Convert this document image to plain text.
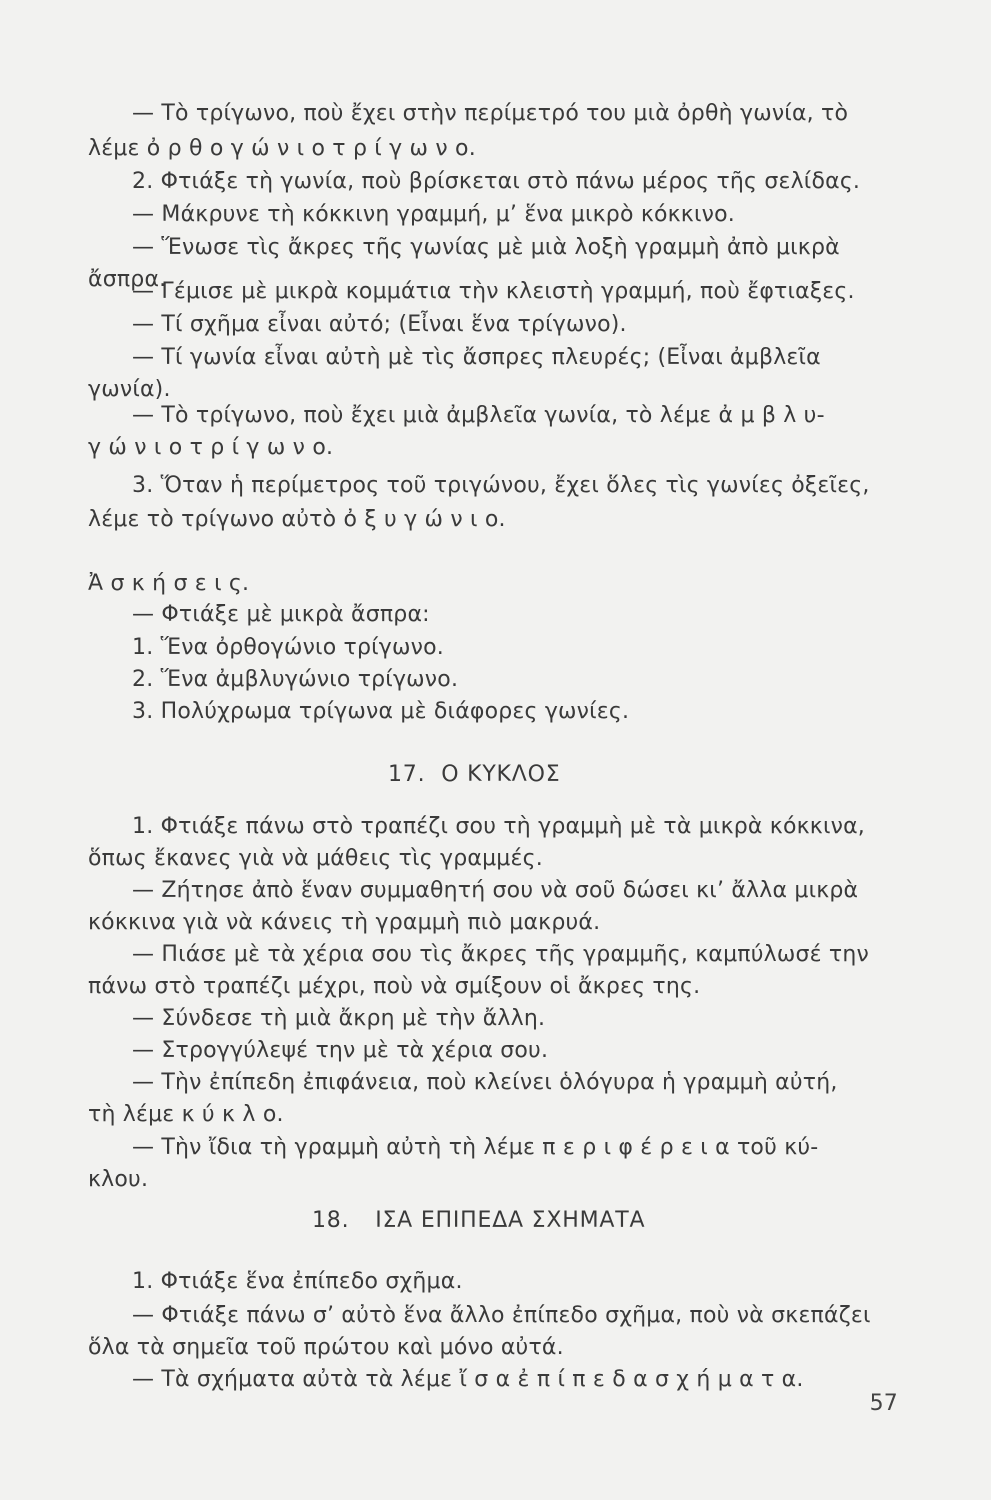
— Τὸ τρίγωνο, ποὺ ἔχει στὴν περίμετρό του μιὰ ὀρθὴ γωνία, τὸ
λέμε ὀ ρ θ ο γ ώ ν ι ο τ ρ ί γ ω ν ο.
2. Φτιάξε τὴ γωνία, ποὺ βρίσκεται στὸ πάνω μέρος τῆς σελίδας.
— Μάκρυνε τὴ κόκκινη γραμμή, μ’ ἕνα μικρὸ κόκκινο.
— Ἕνωσε τὶς ἄκρες τῆς γωνίας μὲ μιὰ λοξὴ γραμμὴ ἀπὸ μικρὰ
ἄσπρα.
— Γέμισε μὲ μικρὰ κομμάτια τὴν κλειστὴ γραμμή, ποὺ ἔφτιαξες.
— Τί σχῆμα εἶναι αὐτό; (Εἶναι ἕνα τρίγωνο).
— Τί γωνία εἶναι αὐτὴ μὲ τὶς ἄσπρες πλευρές; (Εἶναι ἀμβλεῖα
γωνία).
— Τὸ τρίγωνο, ποὺ ἔχει μιὰ ἀμβλεῖα γωνία, τὸ λέμε ἀ μ β λ υ-
γ ώ ν ι ο τ ρ ί γ ω ν ο.
3. Ὅταν ἡ περίμετρος τοῦ τριγώνου, ἔχει ὅλες τὶς γωνίες ὀξεῖες,
λέμε τὸ τρίγωνο αὐτὸ ὀ ξ υ γ ώ ν ι ο.
Ἀ σ κ ή σ ε ι ς.
— Φτιάξε μὲ μικρὰ ἄσπρα:
1. Ἕνα ὀρθογώνιο τρίγωνο.
2. Ἕνα ἀμβλυγώνιο τρίγωνο.
3. Πολύχρωμα τρίγωνα μὲ διάφορες γωνίες.
17. Ο ΚΥΚΛΟΣ
1. Φτιάξε πάνω στὸ τραπέζι σου τὴ γραμμὴ μὲ τὰ μικρὰ κόκκινα,
ὅπως ἔκανες γιὰ νὰ μάθεις τὶς γραμμές.
— Ζήτησε ἀπὸ ἕναν συμμαθητή σου νὰ σοῦ δώσει κι’ ἄλλα μικρὰ
κόκκινα γιὰ νὰ κάνεις τὴ γραμμὴ πιὸ μακρυά.
— Πιάσε μὲ τὰ χέρια σου τὶς ἄκρες τῆς γραμμῆς, καμπύλωσέ την
πάνω στὸ τραπέζι μέχρι, ποὺ νὰ σμίξουν οἱ ἄκρες της.
— Σύνδεσε τὴ μιὰ ἄκρη μὲ τὴν ἄλλη.
— Στρογγύλεψέ την μὲ τὰ χέρια σου.
— Τὴν ἐπίπεδη ἐπιφάνεια, ποὺ κλείνει ὁλόγυρα ἡ γραμμὴ αὐτή,
τὴ λέμε κ ύ κ λ ο.
— Τὴν ἴδια τὴ γραμμὴ αὐτὴ τὴ λέμε π ε ρ ι φ έ ρ ε ι α τοῦ κύ-
κλου.
18. ΙΣΑ ΕΠΙΠΕΔΑ ΣΧΗΜΑΤΑ
1. Φτιάξε ἕνα ἐπίπεδο σχῆμα.
— Φτιάξε πάνω σ’ αὐτὸ ἕνα ἄλλο ἐπίπεδο σχῆμα, ποὺ νὰ σκεπάζει
ὅλα τὰ σημεῖα τοῦ πρώτου καὶ μόνο αὐτά.
— Τὰ σχήματα αὐτὰ τὰ λέμε ἴ σ α ἐ π ί π ε δ α σ χ ή μ α τ α.
57
